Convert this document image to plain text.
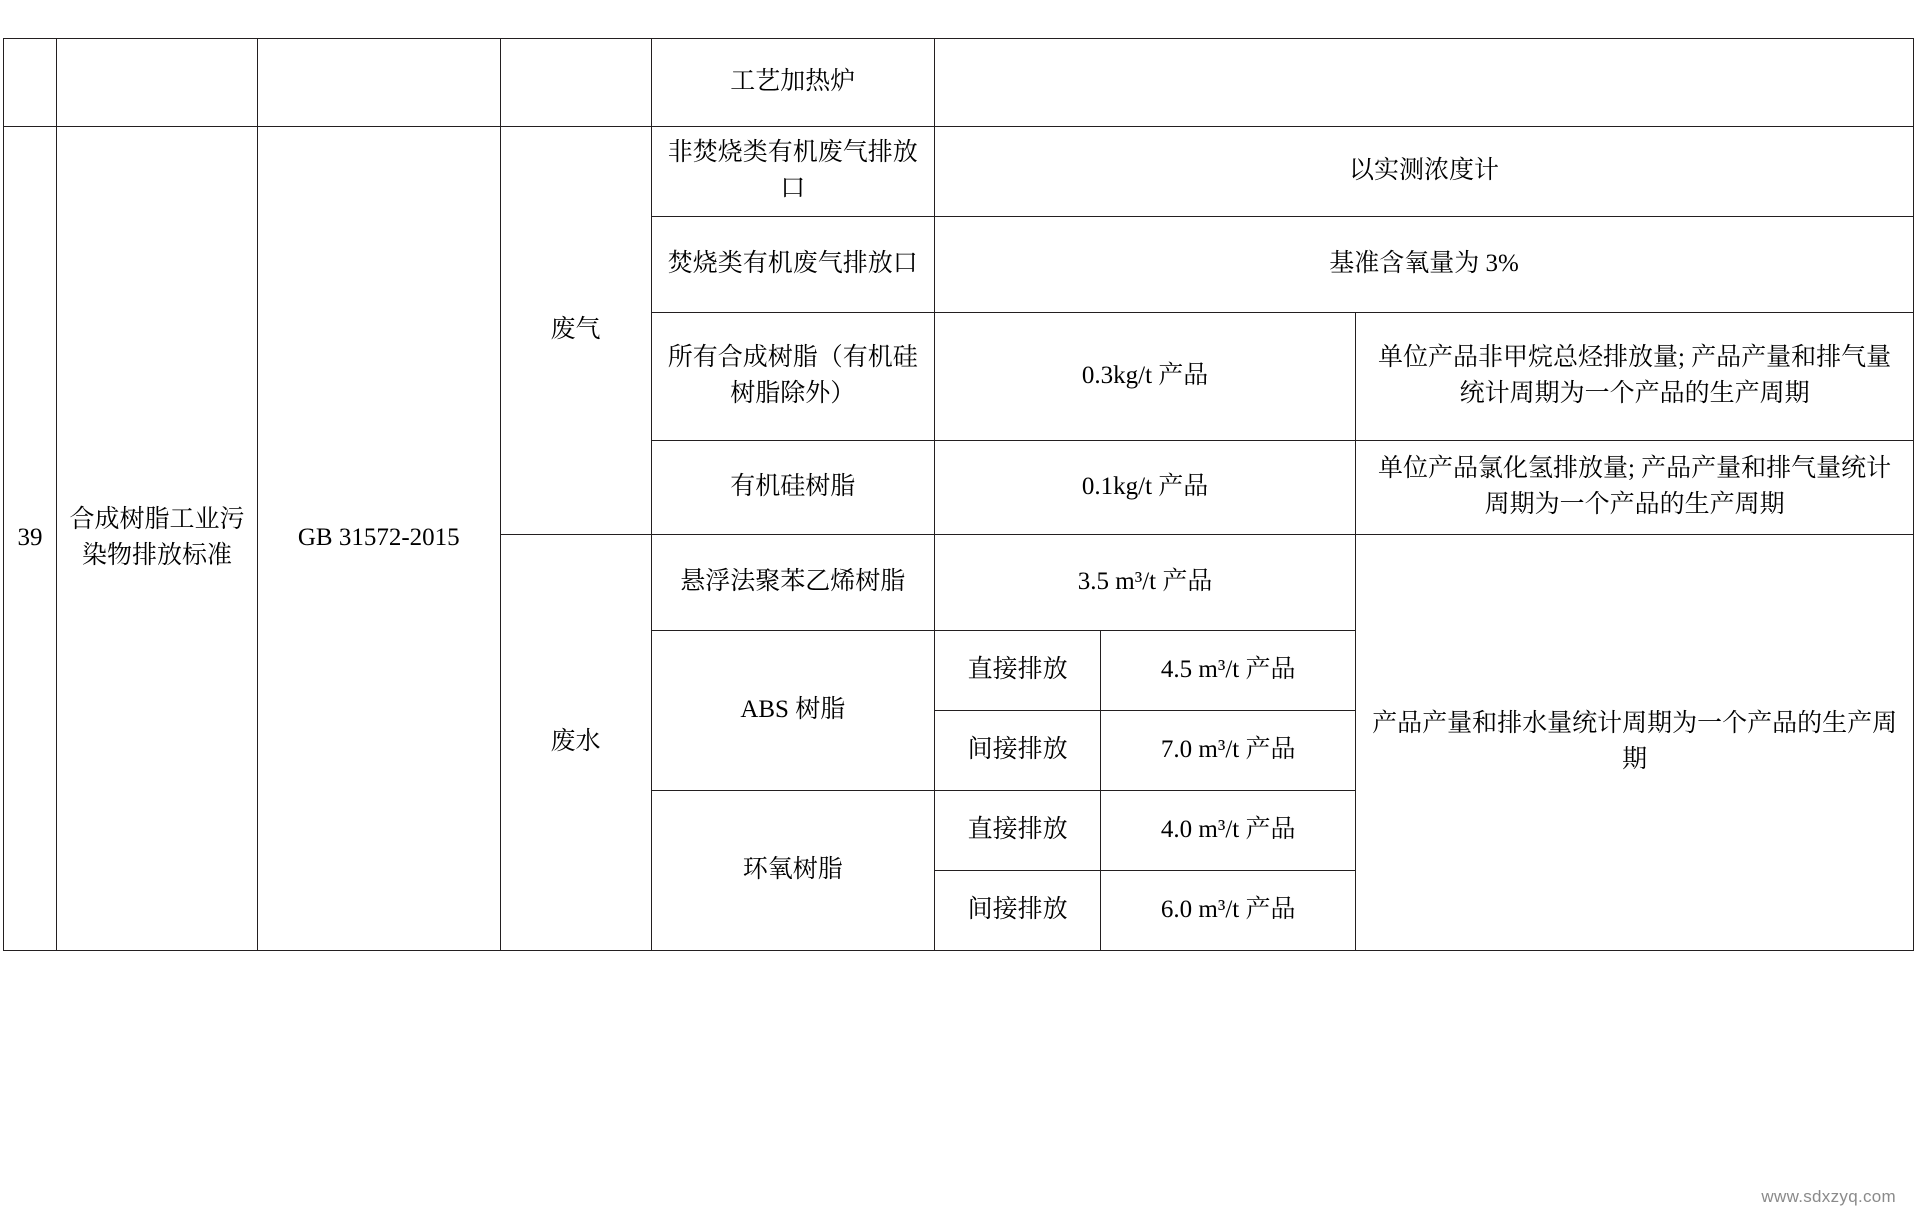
				工艺加热炉			
39	合成树脂工业污染物排放标准	GB 31572-2015	废气	非焚烧类有机废气排放口	以实测浓度计		
				焚烧类有机废气排放口	基准含氧量为 3%		
				所有合成树脂（有机硅树脂除外）	0.3kg/t 产品		单位产品非甲烷总烃排放量; 产品产量和排气量统计周期为一个产品的生产周期
				有机硅树脂	0.1kg/t 产品		单位产品氯化氢排放量; 产品产量和排气量统计周期为一个产品的生产周期
			废水	悬浮法聚苯乙烯树脂	3.5 m³/t 产品		产品产量和排水量统计周期为一个产品的生产周期
				ABS 树脂	直接排放	4.5 m³/t 产品	
					间接排放	7.0 m³/t 产品	
				环氧树脂	直接排放	4.0 m³/t 产品	
					间接排放	6.0 m³/t 产品	
www.sdxzyq.com
